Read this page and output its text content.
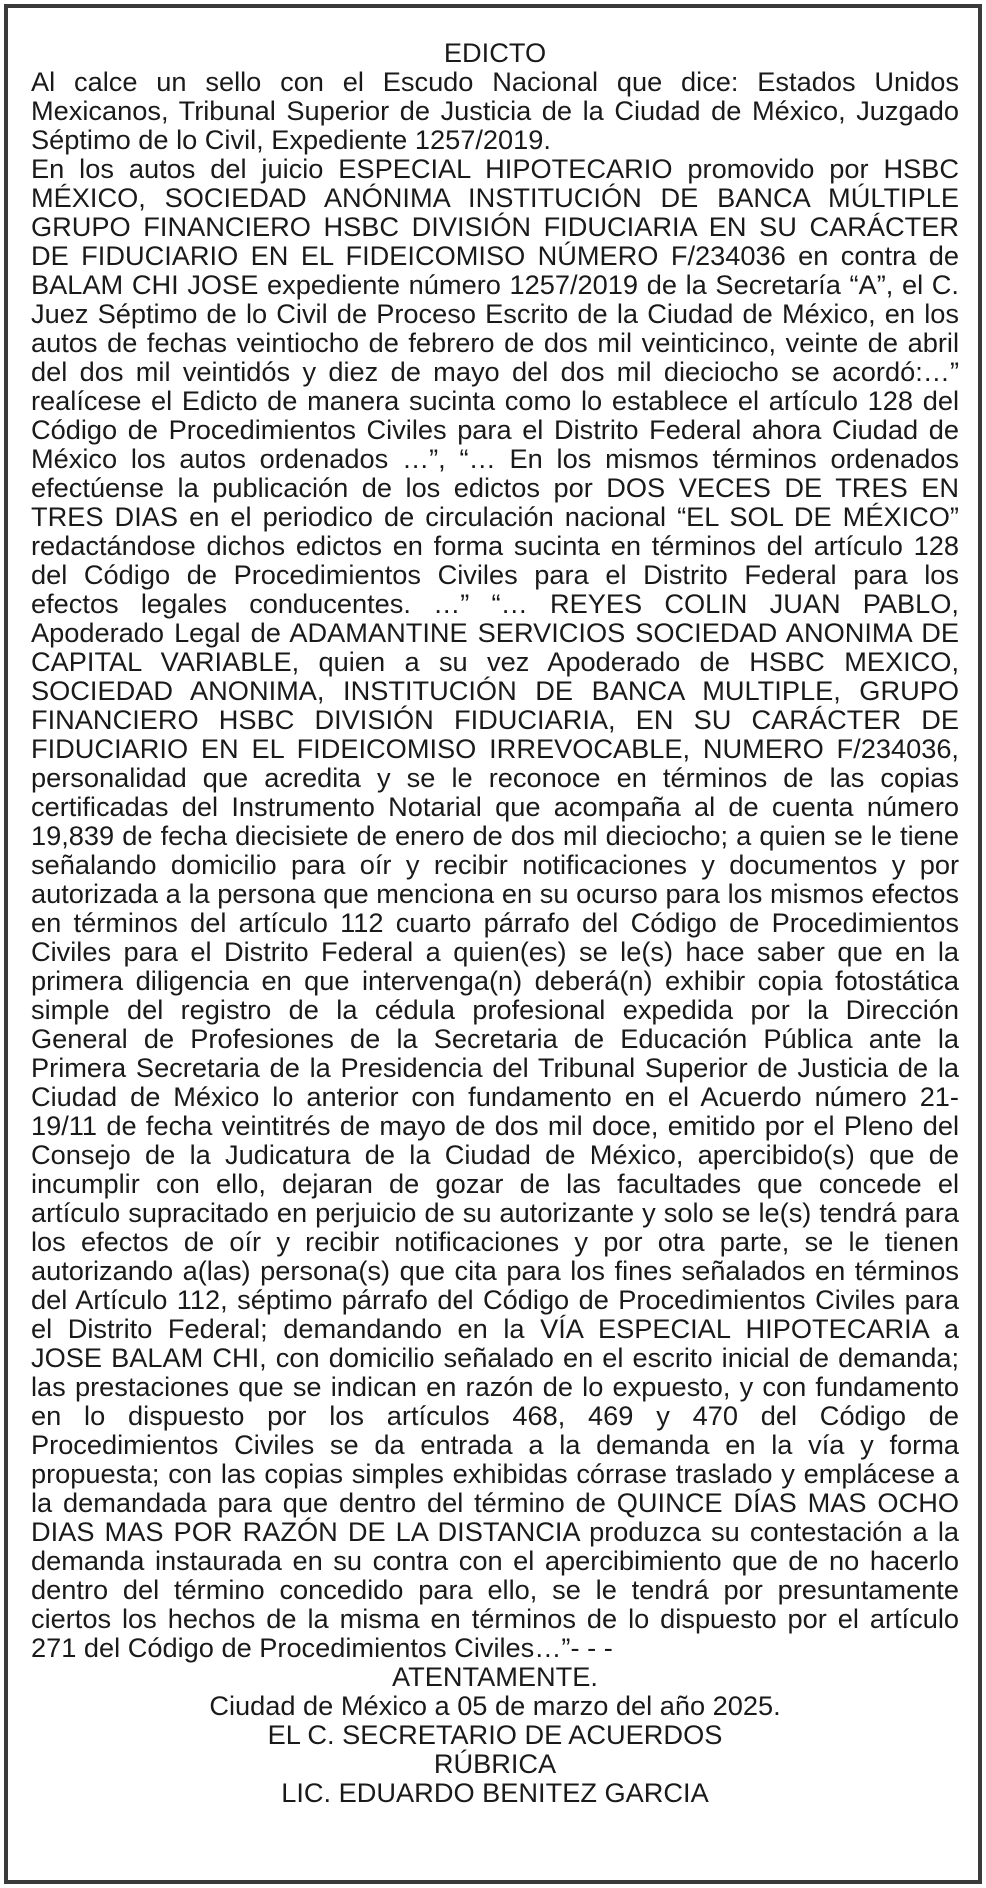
EDICTO

Al calce un sello con el Escudo Nacional que dice: Estados Unidos Mexicanos, Tribunal Superior de Justicia de la Ciudad de México, Juzgado Séptimo de lo Civil, Expediente 1257/2019.

En los autos del juicio ESPECIAL HIPOTECARIO promovido por HSBC MÉXICO, SOCIEDAD ANÓNIMA INSTITUCIÓN DE BANCA MÚLTIPLE GRUPO FINANCIERO HSBC DIVISIÓN FIDUCIARIA EN SU CARÁCTER DE FIDUCIARIO EN EL FIDEICOMISO NÚMERO F/234036 en contra de BALAM CHI JOSE expediente número 1257/2019 de la Secretaría “A”, el C. Juez Séptimo de lo Civil de Proceso Escrito de la Ciudad de México, en los autos de fechas veintiocho de febrero de dos mil veinticinco, veinte de abril del dos mil veintidós y diez de mayo del dos mil dieciocho se acordó:…” realícese el Edicto de manera sucinta como lo establece el artículo 128 del Código de Procedimientos Civiles para el Distrito Federal ahora Ciudad de México los autos ordenados …”, “… En los mismos términos ordenados efectúense la publicación de los edictos por DOS VECES DE TRES EN TRES DIAS en el periodico de circulación nacional “EL SOL DE MÉXICO” redactándose dichos edictos en forma sucinta en términos del artículo 128 del Código de Procedimientos Civiles para el Distrito Federal para los efectos legales conducentes. …” “… REYES COLIN JUAN PABLO, Apoderado Legal de ADAMANTINE SERVICIOS SOCIEDAD ANONIMA DE CAPITAL VARIABLE, quien a su vez Apoderado de HSBC MEXICO, SOCIEDAD ANONIMA, INSTITUCIÓN DE BANCA MULTIPLE, GRUPO FINANCIERO HSBC DIVISIÓN FIDUCIARIA, EN SU CARÁCTER DE FIDUCIARIO EN EL FIDEICOMISO IRREVOCABLE, NUMERO F/234036, personalidad que acredita y se le reconoce en términos de las copias certificadas del Instrumento Notarial que acompaña al de cuenta número 19,839 de fecha diecisiete de enero de dos mil dieciocho; a quien se le tiene señalando domicilio para oír y recibir notificaciones y documentos y por autorizada a la persona que menciona en su ocurso para los mismos efectos en términos del artículo 112 cuarto párrafo del Código de Procedimientos Civiles para el Distrito Federal a quien(es) se le(s) hace saber que en la primera diligencia en que intervenga(n) deberá(n) exhibir copia fotostática simple del registro de la cédula profesional expedida por la Dirección General de Profesiones de la Secretaria de Educación Pública ante la Primera Secretaria de la Presidencia del Tribunal Superior de Justicia de la Ciudad de México lo anterior con fundamento en el Acuerdo número 21-19/11 de fecha veintitrés de mayo de dos mil doce, emitido por el Pleno del Consejo de la Judicatura de la Ciudad de México, apercibido(s) que de incumplir con ello, dejaran de gozar de las facultades que concede el artículo supracitado en perjuicio de su autorizante y solo se le(s) tendrá para los efectos de oír y recibir notificaciones y por otra parte, se le tienen autorizando a(las) persona(s) que cita para los fines señalados en términos del Artículo 112, séptimo párrafo del Código de Procedimientos Civiles para el Distrito Federal; demandando en la VÍA ESPECIAL HIPOTECARIA a JOSE BALAM CHI, con domicilio señalado en el escrito inicial de demanda; las prestaciones que se indican en razón de lo expuesto, y con fundamento en lo dispuesto por los artículos 468, 469 y 470 del Código de Procedimientos Civiles se da entrada a la demanda en la vía y forma propuesta; con las copias simples exhibidas córrase traslado y emplácese a la demandada para que dentro del término de QUINCE DÍAS MAS OCHO DIAS MAS POR RAZÓN DE LA DISTANCIA produzca su contestación a la demanda instaurada en su contra con el apercibimiento que de no hacerlo dentro del término concedido para ello, se le tendrá por presuntamente ciertos los hechos de la misma en términos de lo dispuesto por el artículo 271 del Código de Procedimientos Civiles…”- - -

ATENTAMENTE.

Ciudad de México a 05 de marzo del año 2025.

EL C. SECRETARIO DE ACUERDOS

RÚBRICA

LIC. EDUARDO BENITEZ GARCIA
